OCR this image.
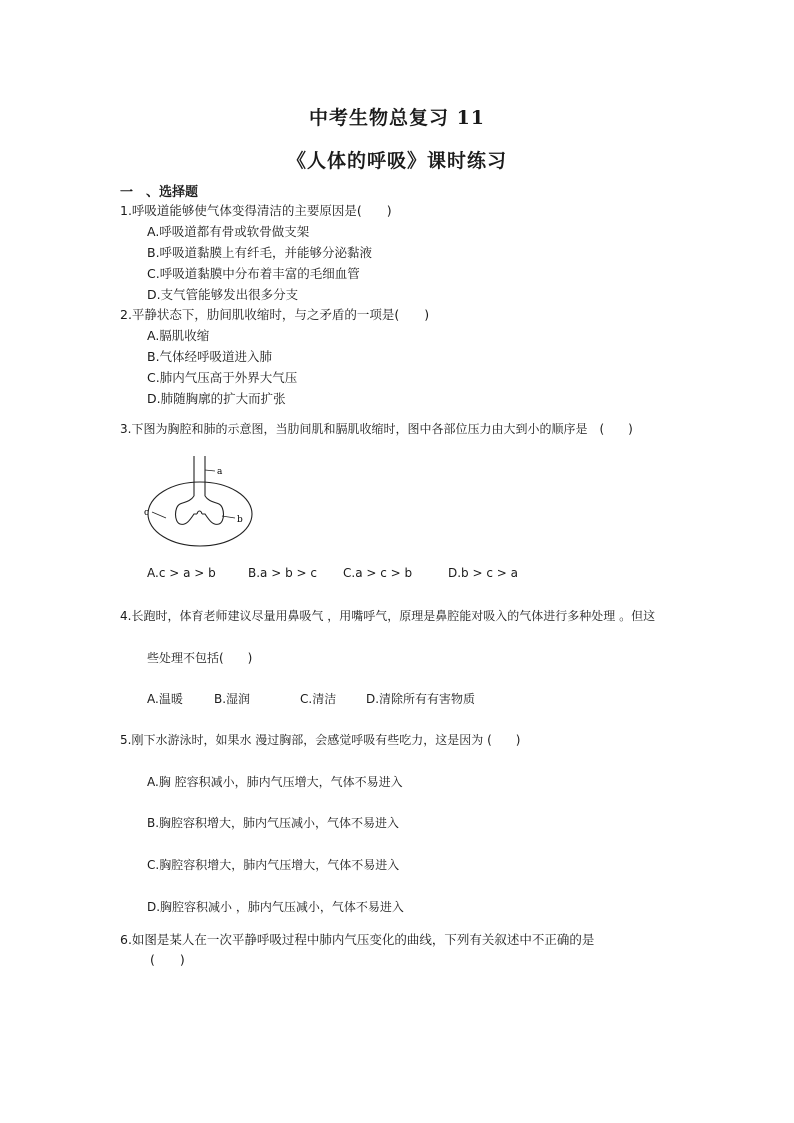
中考生物总复习 11
《人体的呼吸》课时练习
一　、选择题
1.呼吸道能够使气体变得清洁的主要原因是(　　)
A.呼吸道都有骨或软骨做支架
B.呼吸道黏膜上有纤毛，并能够分泌黏液
C.呼吸道黏膜中分布着丰富的毛细血管
D.支气管能够发出很多分支
2.平静状态下，肋间肌收缩时，与之矛盾的一项是(　　)
A.膈肌收缩
B.气体经呼吸道进入肺
C.肺内气压高于外界大气压
D.肺随胸廓的扩大而扩张
3.下图为胸腔和肺的示意图，当肋间肌和膈肌收缩时，图中各部位压力由大到小的顺序是　(　　)
a
b
c
A.c > a > b	B.a > b > c C.a > c > b	D.b > c > a
4.长跑时，体育老师建议尽量用鼻吸气 ，用嘴呼气，原理是鼻腔能对吸入的气体进行多种处理 。但这
些处理不包括(　　)
A.温暖	B.湿润	C.清洁 D.清除所有有害物质
5.刚下水游泳时，如果水 漫过胸部，会感觉呼吸有些吃力，这是因为 (　　)
A.胸 腔容积减小，肺内气压增大，气体不易进入
B.胸腔容积增大，肺内气压减小，气体不易进入
C.胸腔容积增大，肺内气压增大，气体不易进入
D.胸腔容积减小 ，肺内气压减小，气体不易进入
6.如图是某人在一次平静呼吸过程中肺内气压变化的曲线，下列有关叙述中不正确的是
(　　)
